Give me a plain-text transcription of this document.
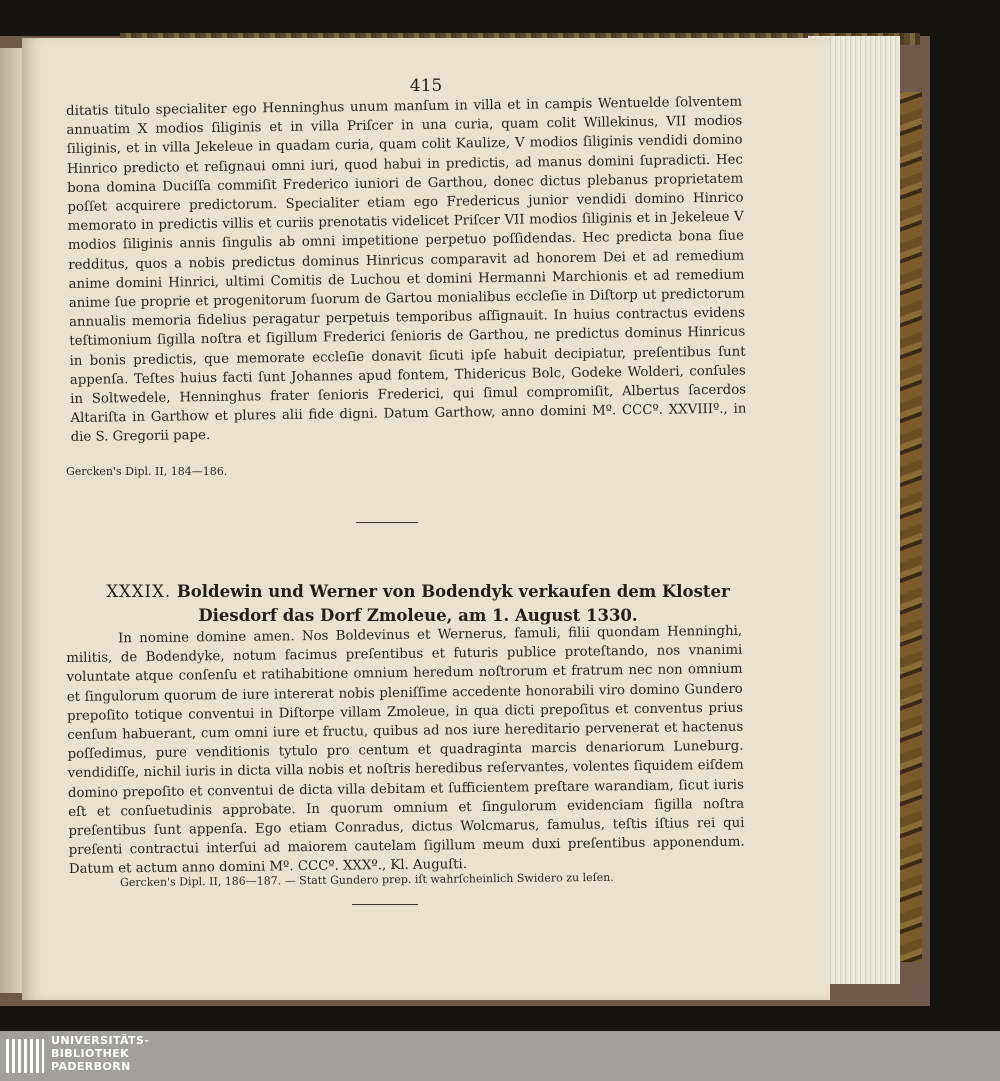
415

ditatis titulo specialiter ego Henninghus unum manſum in villa et in campis Wentuelde ſolventem annuatim X modios ſiliginis et in villa Priſcer in una curia, quam colit Willekinus, VII modios ſiliginis, et in villa Jekeleue in quadam curia, quam colit Kaulize, V modios ſiliginis vendidi domino Hinrico predicto et reſignaui omni iuri, quod habui in predictis, ad manus domini ſupradicti. Hec bona domina Duciſſa commiſit Frederico iuniori de Garthou, donec dictus plebanus proprietatem poſſet acquirere predictorum. Specialiter etiam ego Fredericus junior vendidi domino Hinrico memorato in predictis villis et curiis prenotatis videlicet Priſcer VII modios ſiliginis et in Jekeleue V modios ſiliginis annis ſingulis ab omni impetitione perpetuo poſſidendas. Hec predicta bona ſiue redditus, quos a nobis predictus dominus Hinricus comparavit ad honorem Dei et ad remedium anime domini Hinrici, ultimi Comitis de Luchou et domini Hermanni Marchionis et ad remedium anime ſue proprie et progenitorum ſuorum de Gartou monialibus eccleſie in Diſtorp ut predictorum annualis memoria fidelius peragatur perpetuis temporibus aſſignauit. In huius contractus evidens teſtimonium ſigilla noſtra et ſigillum Frederici ſenioris de Garthou, ne predictus dominus Hinricus in bonis predictis, que memorate eccleſie donavit ſicuti ipſe habuit decipiatur, preſentibus ſunt appenſa. Teſtes huius facti ſunt Johannes apud fontem, Thidericus Bolc, Godeke Wolderi, conſules in Soltwedele, Henninghus frater ſenioris Frederici, qui ſimul compromiſit, Albertus ſacerdos Altariſta in Garthow et plures alii fide digni. Datum Garthow, anno domini Mº. CCCº. XXVIIIº., in die S. Gregorii pape.

Gercken's Dipl. II, 184—186.

XXXIX. Boldewin und Werner von Bodendyk verkaufen dem Kloster Diesdorf das Dorf Zmoleue, am 1. August 1330.

In nomine domine amen. Nos Boldevinus et Wernerus, famuli, filii quondam Henninghi, militis, de Bodendyke, notum facimus preſentibus et futuris publice proteſtando, nos vnanimi voluntate atque conſenſu et ratihabitione omnium heredum noſtrorum et fratrum nec non omnium et ſingulorum quorum de iure intererat nobis pleniſſime accedente honorabili viro domino Gundero prepoſito totique conventui in Diſtorpe villam Zmoleue, in qua dicti prepoſitus et conventus prius cenſum habuerant, cum omni iure et fructu, quibus ad nos iure hereditario pervenerat et hactenus poſſedimus, pure venditionis tytulo pro centum et quadraginta marcis denariorum Luneburg. vendidiſſe, nichil iuris in dicta villa nobis et noſtris heredibus reſervantes, volentes ſiquidem eiſdem domino prepoſito et conventui de dicta villa debitam et ſufficientem preſtare warandiam, ſicut iuris eſt et conſuetudinis approbate. In quorum omnium et ſingulorum evidenciam ſigilla noſtra preſentibus ſunt appenſa. Ego etiam Conradus, dictus Wolcmarus, famulus, teſtis iſtius rei qui preſenti contractui interſui ad maiorem cautelam ſigillum meum duxi preſentibus apponendum. Datum et actum anno domini Mº. CCCº. XXXº., Kl. Auguſti.

Gercken's Dipl. II, 186—187. — Statt Gundero prep. iſt wahrſcheinlich Swidero zu leſen.

UNIVERSITÄTS-
BIBLIOTHEK
PADERBORN
